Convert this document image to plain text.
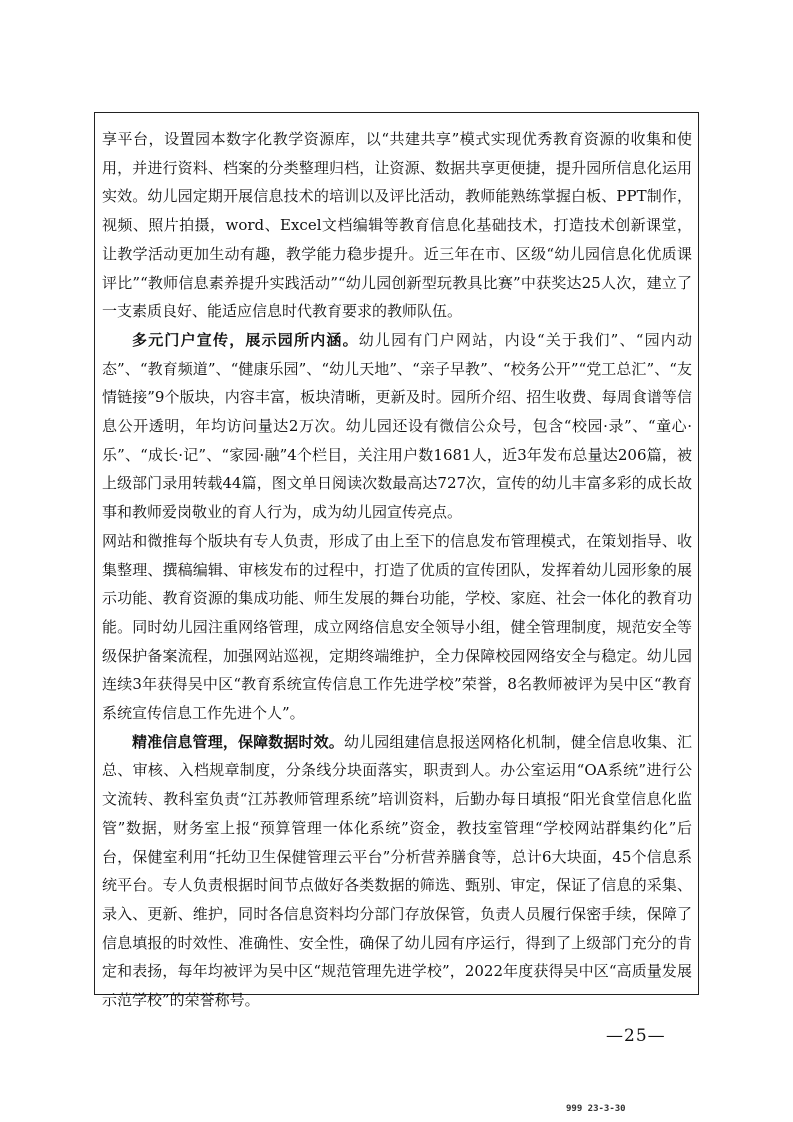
享平台，设置园本数字化教学资源库，以“共建共享”模式实现优秀教育资源的收集和使用，并进行资料、档案的分类整理归档，让资源、数据共享更便捷，提升园所信息化运用实效。幼儿园定期开展信息技术的培训以及评比活动，教师能熟练掌握白板、PPT制作，视频、照片拍摄，word、Excel文档编辑等教育信息化基础技术，打造技术创新课堂，让教学活动更加生动有趣，教学能力稳步提升。近三年在市、区级“幼儿园信息化优质课评比”“教师信息素养提升实践活动”“幼儿园创新型玩教具比赛”中获奖达25人次，建立了一支素质良好、能适应信息时代教育要求的教师队伍。

多元门户宣传，展示园所内涵。幼儿园有门户网站，内设“关于我们”、“园内动态”、“教育频道”、“健康乐园”、“幼儿天地”、“亲子早教”、“校务公开”“党工总汇”、“友情链接”9个版块，内容丰富，板块清晰，更新及时。园所介绍、招生收费、每周食谱等信息公开透明，年均访问量达2万次。幼儿园还设有微信公众号，包含“校园·录”、“童心·乐”、“成长·记”、“家园·融”4个栏目，关注用户数1681人，近3年发布总量达206篇，被上级部门录用转载44篇，图文单日阅读次数最高达727次，宣传的幼儿丰富多彩的成长故事和教师爱岗敬业的育人行为，成为幼儿园宣传亮点。

网站和微推每个版块有专人负责，形成了由上至下的信息发布管理模式，在策划指导、收集整理、撰稿编辑、审核发布的过程中，打造了优质的宣传团队，发挥着幼儿园形象的展示功能、教育资源的集成功能、师生发展的舞台功能，学校、家庭、社会一体化的教育功能。同时幼儿园注重网络管理，成立网络信息安全领导小组，健全管理制度，规范安全等级保护备案流程，加强网站巡视，定期终端维护，全力保障校园网络安全与稳定。幼儿园连续3年获得吴中区“教育系统宣传信息工作先进学校”荣誉，8名教师被评为吴中区“教育系统宣传信息工作先进个人”。

精准信息管理，保障数据时效。幼儿园组建信息报送网格化机制，健全信息收集、汇总、审核、入档规章制度，分条线分块面落实，职责到人。办公室运用“OA系统”进行公文流转、教科室负责“江苏教师管理系统”培训资料，后勤办每日填报“阳光食堂信息化监管”数据，财务室上报“预算管理一体化系统”资金，教技室管理“学校网站群集约化”后台，保健室利用“托幼卫生保健管理云平台”分析营养膳食等，总计6大块面，45个信息系统平台。专人负责根据时间节点做好各类数据的筛选、甄别、审定，保证了信息的采集、录入、更新、维护，同时各信息资料均分部门存放保管，负责人员履行保密手续，保障了信息填报的时效性、准确性、安全性，确保了幼儿园有序运行，得到了上级部门充分的肯定和表扬，每年均被评为吴中区“规范管理先进学校”，2022年度获得吴中区“高质量发展示范学校”的荣誉称号。

—25—
999 23-3-30
